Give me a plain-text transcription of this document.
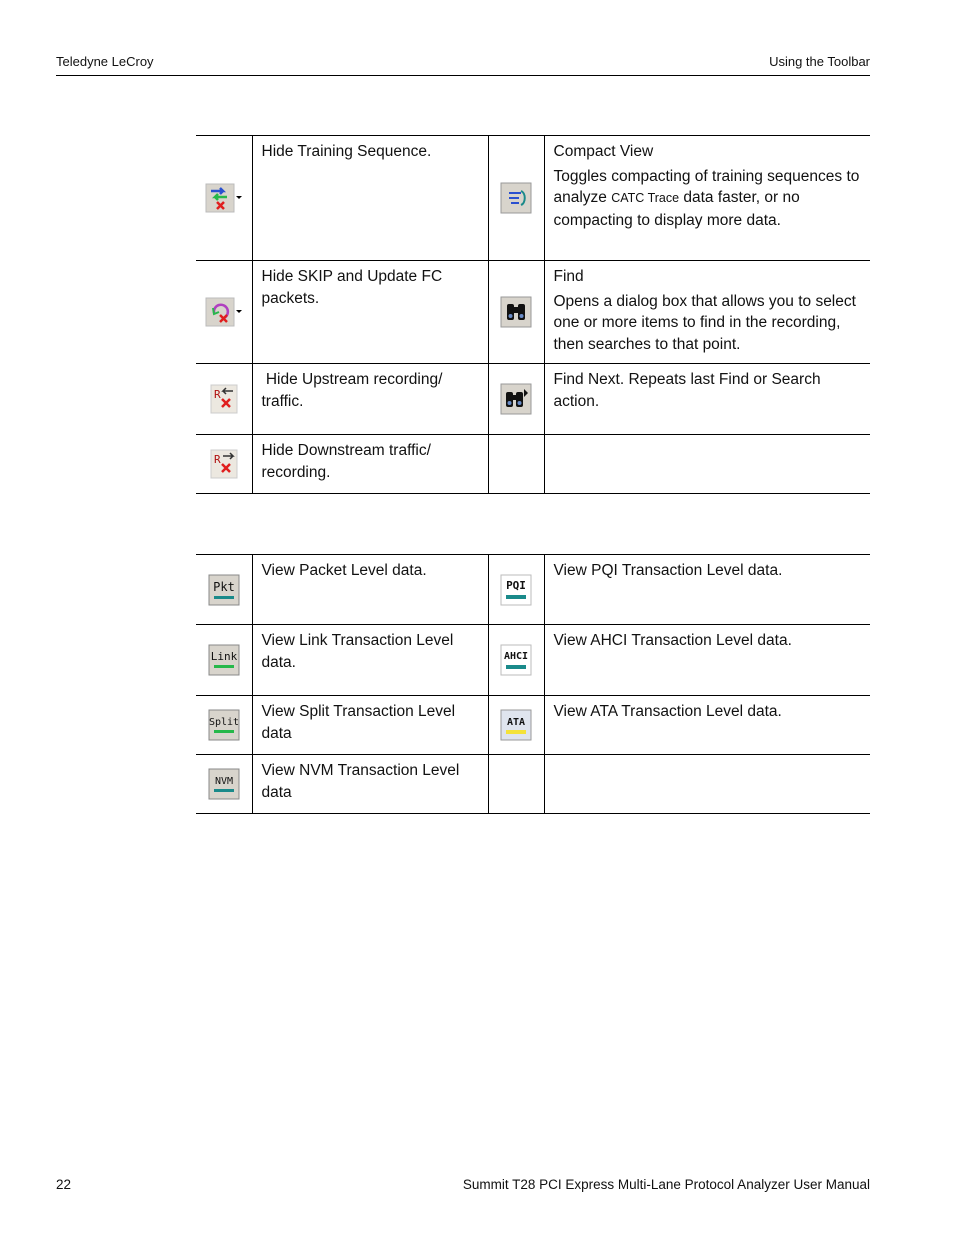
Teledyne LeCroy	Using the Toolbar
	Hide Training Sequence.		Compact View
Toggles compacting of training sequences to analyze CATC Trace data faster, or no compacting to display more data.

	Hide SKIP and Update FC packets.		Find
Opens a dialog box that allows you to select one or more items to find in the recording, then searches to that point.

R	Hide Upstream recording/ traffic.		Find Next. Repeats last Find or Search action.

R	Hide Downstream traffic/ recording.		
Pkt	View Packet Level data.	PQI	View PQI Transaction Level data.

Link	View Link Transaction Level data.	AHCI	View AHCI Transaction Level data.

Split	View Split Transaction Level data	ATA	View ATA Transaction Level data.

NVM	View NVM Transaction Level data		
22	Summit T28 PCI Express Multi-Lane Protocol Analyzer User Manual
